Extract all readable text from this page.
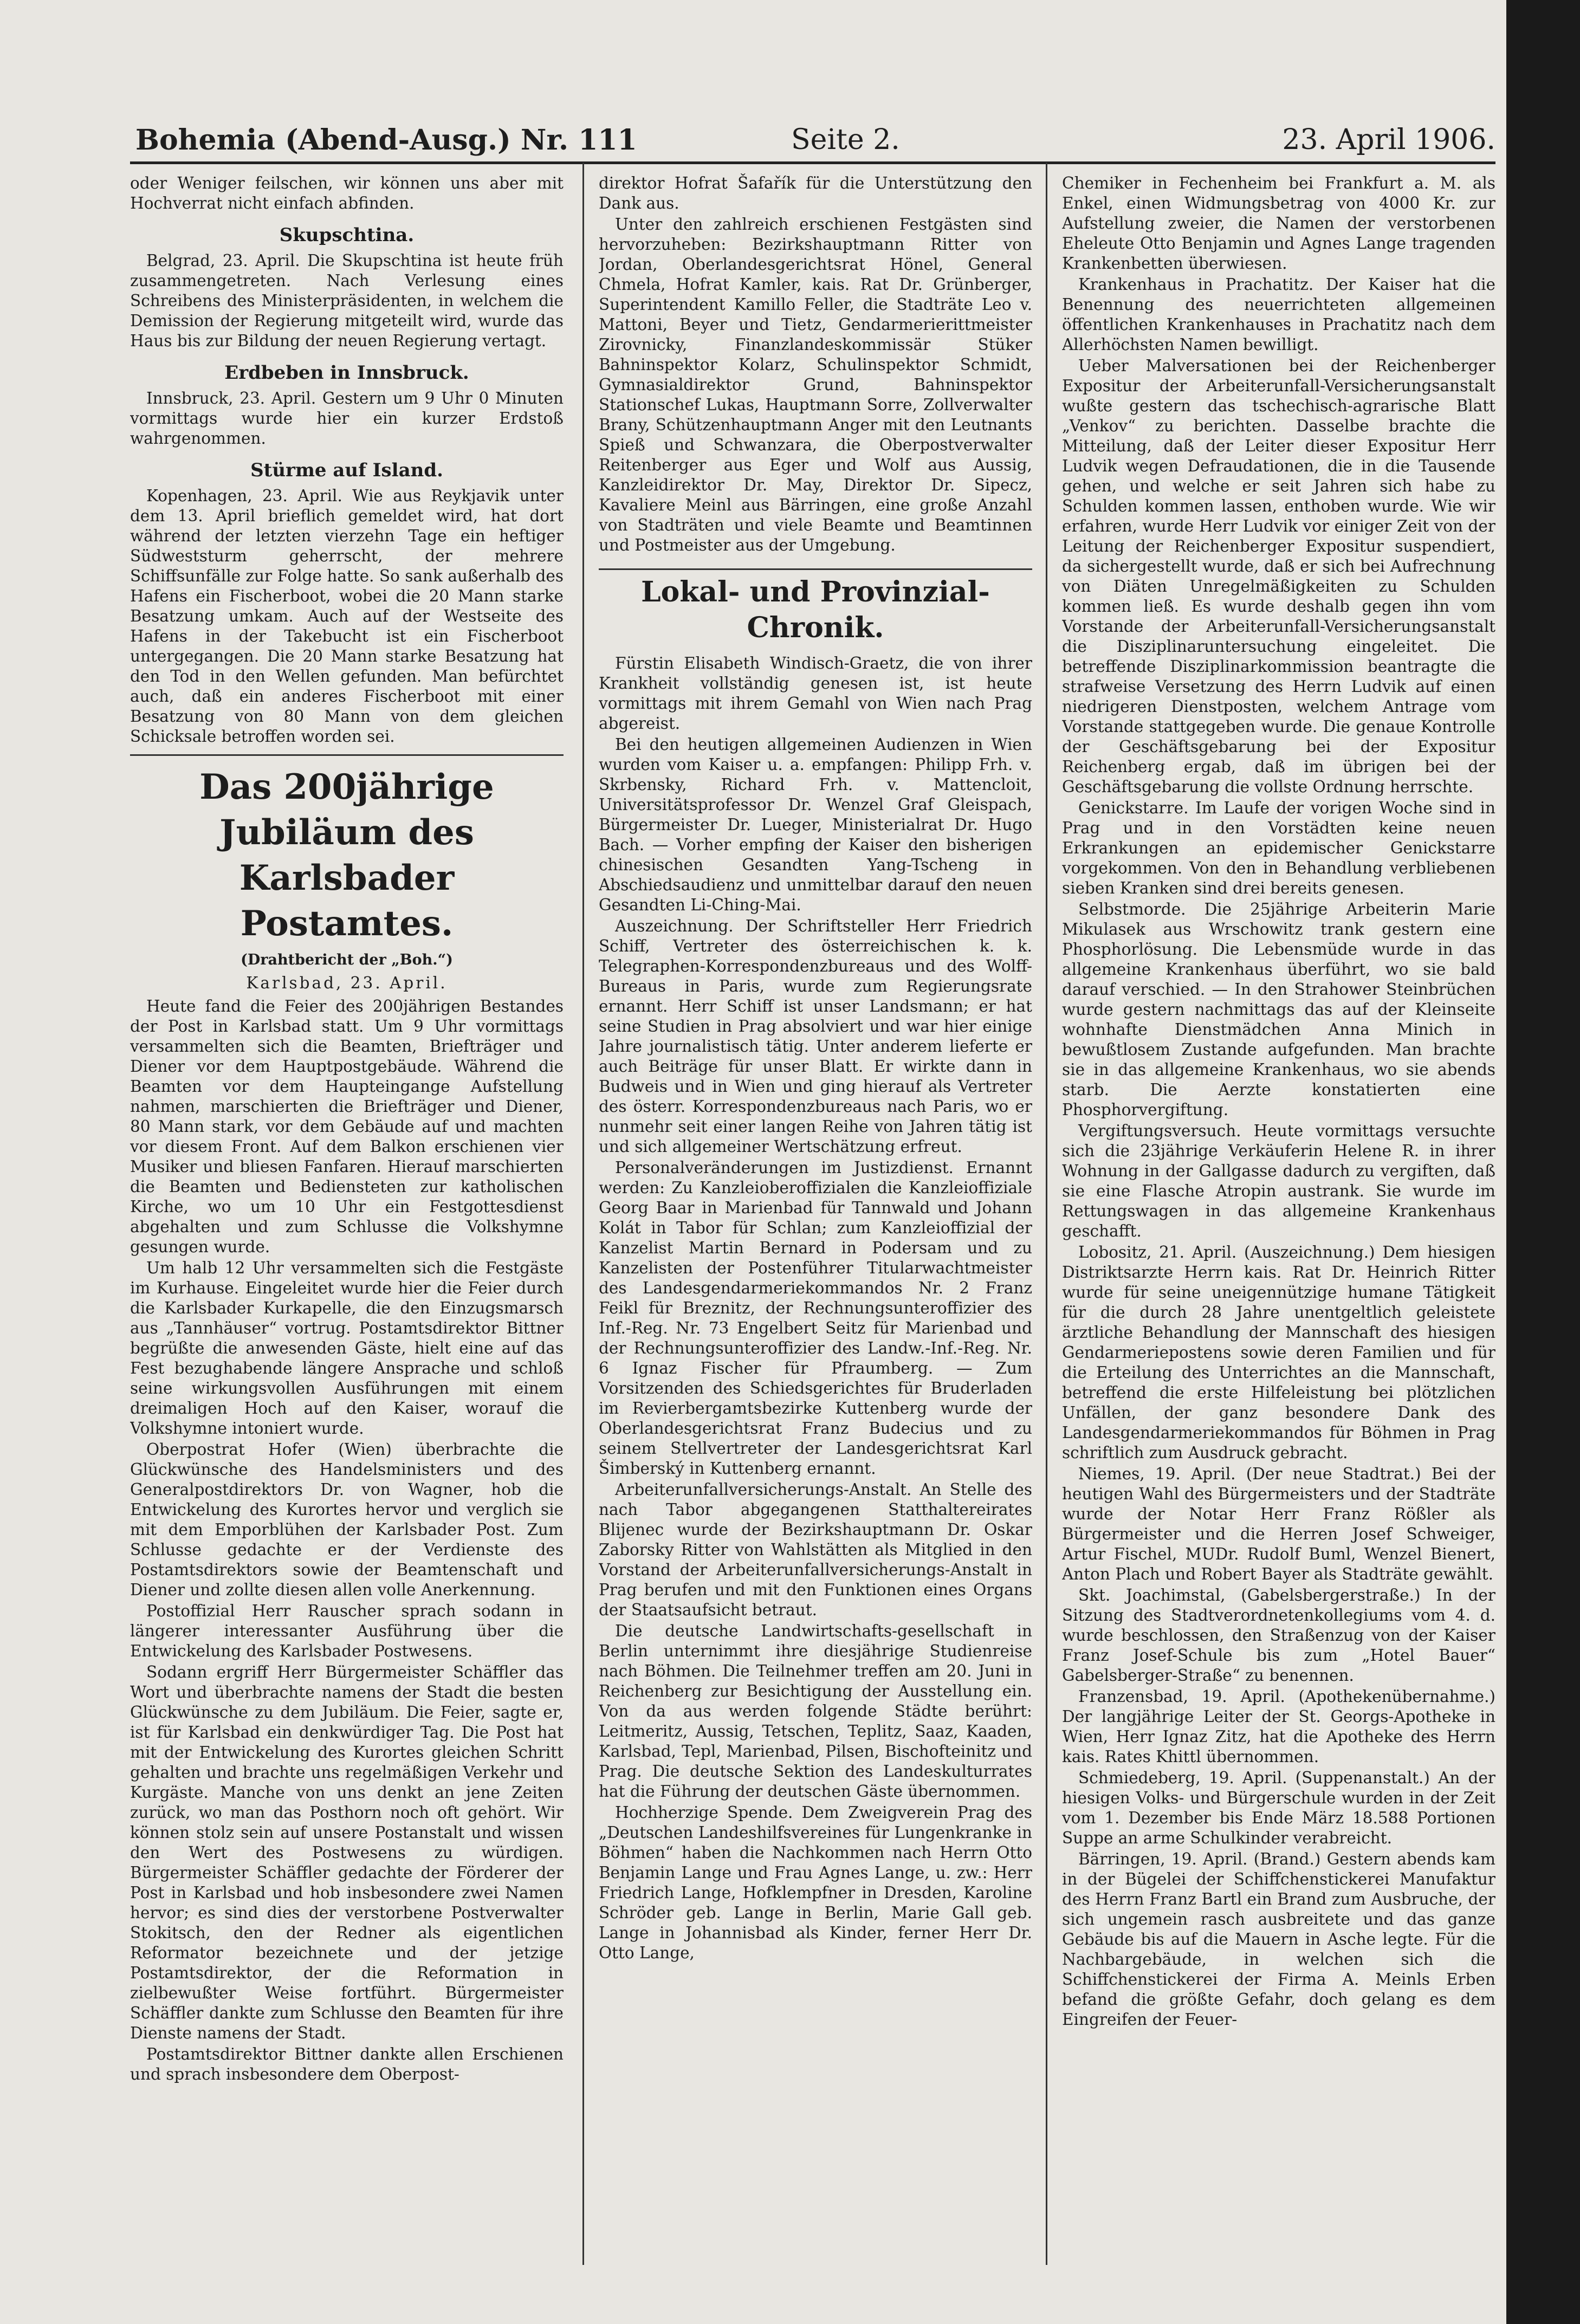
Bohemia (Abend-Ausg.) Nr. 111	Seite 2.	23. April 1906.

oder Weniger feilschen, wir können uns aber mit Hochverrat nicht einfach abfinden.

Skupschtina.

Belgrad, 23. April. Die Skupschtina ist heute früh zusammengetreten. Nach Verlesung eines Schreibens des Ministerpräsidenten, in welchem die Demission der Regierung mitgeteilt wird, wurde das Haus bis zur Bildung der neuen Regierung vertagt.

Erdbeben in Innsbruck.

Innsbruck, 23. April. Gestern um 9 Uhr 0 Minuten vormittags wurde hier ein kurzer Erdstoß wahrgenommen.

Stürme auf Island.

Kopenhagen, 23. April. Wie aus Reykjavik unter dem 13. April brieflich gemeldet wird, hat dort während der letzten vierzehn Tage ein heftiger Südweststurm geherrscht, der mehrere Schiffsunfälle zur Folge hatte. So sank außerhalb des Hafens ein Fischerboot, wobei die 20 Mann starke Besatzung umkam. Auch auf der Westseite des Hafens in der Takebucht ist ein Fischerboot untergegangen. Die 20 Mann starke Besatzung hat den Tod in den Wellen gefunden. Man befürchtet auch, daß ein anderes Fischerboot mit einer Besatzung von 80 Mann von dem gleichen Schicksale betroffen worden sei.

Das 200jährige Jubiläum des Karlsbader Postamtes.
(Drahtbericht der „Boh.“)
Karlsbad, 23. April.

Heute fand die Feier des 200jährigen Bestandes der Post in Karlsbad statt. Um 9 Uhr vormittags versammelten sich die Beamten, Briefträger und Diener vor dem Hauptpostgebäude. Während die Beamten vor dem Haupteingange Aufstellung nahmen, marschierten die Briefträger und Diener, 80 Mann stark, vor dem Gebäude auf und machten vor diesem Front. Auf dem Balkon erschienen vier Musiker und bliesen Fanfaren. Hierauf marschierten die Beamten und Bediensteten zur katholischen Kirche, wo um 10 Uhr ein Festgottesdienst abgehalten und zum Schlusse die Volkshymne gesungen wurde.

Um halb 12 Uhr versammelten sich die Festgäste im Kurhause. Eingeleitet wurde hier die Feier durch die Karlsbader Kurkapelle, die den Einzugsmarsch aus „Tannhäuser“ vortrug. Postamtsdirektor Bittner begrüßte die anwesenden Gäste, hielt eine auf das Fest bezughabende längere Ansprache und schloß seine wirkungsvollen Ausführungen mit einem dreimaligen Hoch auf den Kaiser, worauf die Volkshymne intoniert wurde.

Oberpostrat Hofer (Wien) überbrachte die Glückwünsche des Handelsministers und des Generalpostdirektors Dr. von Wagner, hob die Entwickelung des Kurortes hervor und verglich sie mit dem Emporblühen der Karlsbader Post. Zum Schlusse gedachte er der Verdienste des Postamtsdirektors sowie der Beamtenschaft und Diener und zollte diesen allen volle Anerkennung.

Postoffizial Herr Rauscher sprach sodann in längerer interessanter Ausführung über die Entwickelung des Karlsbader Postwesens.

Sodann ergriff Herr Bürgermeister Schäffler das Wort und überbrachte namens der Stadt die besten Glückwünsche zu dem Jubiläum. Die Feier, sagte er, ist für Karlsbad ein denkwürdiger Tag. Die Post hat mit der Entwickelung des Kurortes gleichen Schritt gehalten und brachte uns regelmäßigen Verkehr und Kurgäste. Manche von uns denkt an jene Zeiten zurück, wo man das Posthorn noch oft gehört. Wir können stolz sein auf unsere Postanstalt und wissen den Wert des Postwesens zu würdigen. Bürgermeister Schäffler gedachte der Förderer der Post in Karlsbad und hob insbesondere zwei Namen hervor; es sind dies der verstorbene Postverwalter Stokitsch, den der Redner als eigentlichen Reformator bezeichnete und der jetzige Postamtsdirektor, der die Reformation in zielbewußter Weise fortführt. Bürgermeister Schäffler dankte zum Schlusse den Beamten für ihre Dienste namens der Stadt.

Postamtsdirektor Bittner dankte allen Erschienen und sprach insbesondere dem Oberpost-

direktor Hofrat Šafařík für die Unterstützung den Dank aus.

Unter den zahlreich erschienen Festgästen sind hervorzuheben: Bezirkshauptmann Ritter von Jordan, Oberlandesgerichtsrat Hönel, General Chmela, Hofrat Kamler, kais. Rat Dr. Grünberger, Superintendent Kamillo Feller, die Stadträte Leo v. Mattoni, Beyer und Tietz, Gendarmerierittmeister Zirovnicky, Finanzlandeskommissär Stüker Bahninspektor Kolarz, Schulinspektor Schmidt, Gymnasialdirektor Grund, Bahninspektor Stationschef Lukas, Hauptmann Sorre, Zollverwalter Brany, Schützenhauptmann Anger mit den Leutnants Spieß und Schwanzara, die Oberpostverwalter Reitenberger aus Eger und Wolf aus Aussig, Kanzleidirektor Dr. May, Direktor Dr. Sipecz, Kavaliere Meinl aus Bärringen, eine große Anzahl von Stadträten und viele Beamte und Beamtinnen und Postmeister aus der Umgebung.

Lokal- und Provinzial-Chronik.

Fürstin Elisabeth Windisch-Graetz, die von ihrer Krankheit vollständig genesen ist, ist heute vormittags mit ihrem Gemahl von Wien nach Prag abgereist.

Bei den heutigen allgemeinen Audienzen in Wien wurden vom Kaiser u. a. empfangen: Philipp Frh. v. Skrbensky, Richard Frh. v. Mattencloit, Universitätsprofessor Dr. Wenzel Graf Gleispach, Bürgermeister Dr. Lueger, Ministerialrat Dr. Hugo Bach. — Vorher empfing der Kaiser den bisherigen chinesischen Gesandten Yang-Tscheng in Abschiedsaudienz und unmittelbar darauf den neuen Gesandten Li-Ching-Mai.

Auszeichnung. Der Schriftsteller Herr Friedrich Schiff, Vertreter des österreichischen k. k. Telegraphen-Korrespondenzbureaus und des Wolff-Bureaus in Paris, wurde zum Regierungsrate ernannt. Herr Schiff ist unser Landsmann; er hat seine Studien in Prag absolviert und war hier einige Jahre journalistisch tätig. Unter anderem lieferte er auch Beiträge für unser Blatt. Er wirkte dann in Budweis und in Wien und ging hierauf als Vertreter des österr. Korrespondenzbureaus nach Paris, wo er nunmehr seit einer langen Reihe von Jahren tätig ist und sich allgemeiner Wertschätzung erfreut.

Personalveränderungen im Justizdienst. Ernannt werden: Zu Kanzleioberoffizialen die Kanzleioffiziale Georg Baar in Marienbad für Tannwald und Johann Kolát in Tabor für Schlan; zum Kanzleioffizial der Kanzelist Martin Bernard in Podersam und zu Kanzelisten der Postenführer Titularwachtmeister des Landesgendarmeriekommandos Nr. 2 Franz Feikl für Breznitz, der Rechnungsunteroffizier des Inf.-Reg. Nr. 73 Engelbert Seitz für Marienbad und der Rechnungsunteroffizier des Landw.-Inf.-Reg. Nr. 6 Ignaz Fischer für Pfraumberg. — Zum Vorsitzenden des Schiedsgerichtes für Bruderladen im Revierbergamtsbezirke Kuttenberg wurde der Oberlandesgerichtsrat Franz Budecius und zu seinem Stellvertreter der Landesgerichtsrat Karl Šimberský in Kuttenberg ernannt.

Arbeiterunfallversicherungs-Anstalt. An Stelle des nach Tabor abgegangenen Statthaltereirates Blijenec wurde der Bezirkshauptmann Dr. Oskar Zaborsky Ritter von Wahlstätten als Mitglied in den Vorstand der Arbeiterunfallversicherungs-Anstalt in Prag berufen und mit den Funktionen eines Organs der Staatsaufsicht betraut.

Die deutsche Landwirtschafts-gesellschaft in Berlin unternimmt ihre diesjährige Studienreise nach Böhmen. Die Teilnehmer treffen am 20. Juni in Reichenberg zur Besichtigung der Ausstellung ein. Von da aus werden folgende Städte berührt: Leitmeritz, Aussig, Tetschen, Teplitz, Saaz, Kaaden, Karlsbad, Tepl, Marienbad, Pilsen, Bischofteinitz und Prag. Die deutsche Sektion des Landeskulturrates hat die Führung der deutschen Gäste übernommen.

Hochherzige Spende. Dem Zweigverein Prag des „Deutschen Landeshilfsvereines für Lungenkranke in Böhmen“ haben die Nachkommen nach Herrn Otto Benjamin Lange und Frau Agnes Lange, u. zw.: Herr Friedrich Lange, Hofklempfner in Dresden, Karoline Schröder geb. Lange in Berlin, Marie Gall geb. Lange in Johannisbad als Kinder, ferner Herr Dr. Otto Lange,

Chemiker in Fechenheim bei Frankfurt a. M. als Enkel, einen Widmungsbetrag von 4000 Kr. zur Aufstellung zweier, die Namen der verstorbenen Eheleute Otto Benjamin und Agnes Lange tragenden Krankenbetten überwiesen.

Krankenhaus in Prachatitz. Der Kaiser hat die Benennung des neuerrichteten allgemeinen öffentlichen Krankenhauses in Prachatitz nach dem Allerhöchsten Namen bewilligt.

Ueber Malversationen bei der Reichenberger Expositur der Arbeiterunfall-Versicherungsanstalt wußte gestern das tschechisch-agrarische Blatt „Venkov“ zu berichten. Dasselbe brachte die Mitteilung, daß der Leiter dieser Expositur Herr Ludvik wegen Defraudationen, die in die Tausende gehen, und welche er seit Jahren sich habe zu Schulden kommen lassen, enthoben wurde. Wie wir erfahren, wurde Herr Ludvik vor einiger Zeit von der Leitung der Reichenberger Expositur suspendiert, da sichergestellt wurde, daß er sich bei Aufrechnung von Diäten Unregelmäßigkeiten zu Schulden kommen ließ. Es wurde deshalb gegen ihn vom Vorstande der Arbeiterunfall-Versicherungsanstalt die Disziplinaruntersuchung eingeleitet. Die betreffende Disziplinarkommission beantragte die strafweise Versetzung des Herrn Ludvik auf einen niedrigeren Dienstposten, welchem Antrage vom Vorstande stattgegeben wurde. Die genaue Kontrolle der Geschäftsgebarung bei der Expositur Reichenberg ergab, daß im übrigen bei der Geschäftsgebarung die vollste Ordnung herrschte.

Genickstarre. Im Laufe der vorigen Woche sind in Prag und in den Vorstädten keine neuen Erkrankungen an epidemischer Genickstarre vorgekommen. Von den in Behandlung verbliebenen sieben Kranken sind drei bereits genesen.

Selbstmorde. Die 25jährige Arbeiterin Marie Mikulasek aus Wrschowitz trank gestern eine Phosphorlösung. Die Lebensmüde wurde in das allgemeine Krankenhaus überführt, wo sie bald darauf verschied. — In den Strahower Steinbrüchen wurde gestern nachmittags das auf der Kleinseite wohnhafte Dienstmädchen Anna Minich in bewußtlosem Zustande aufgefunden. Man brachte sie in das allgemeine Krankenhaus, wo sie abends starb. Die Aerzte konstatierten eine Phosphorvergiftung.

Vergiftungsversuch. Heute vormittags versuchte sich die 23jährige Verkäuferin Helene R. in ihrer Wohnung in der Gallgasse dadurch zu vergiften, daß sie eine Flasche Atropin austrank. Sie wurde im Rettungswagen in das allgemeine Krankenhaus geschafft.

Lobositz, 21. April. (Auszeichnung.) Dem hiesigen Distriktsarzte Herrn kais. Rat Dr. Heinrich Ritter wurde für seine uneigennützige humane Tätigkeit für die durch 28 Jahre unentgeltlich geleistete ärztliche Behandlung der Mannschaft des hiesigen Gendarmeriepostens sowie deren Familien und für die Erteilung des Unterrichtes an die Mannschaft, betreffend die erste Hilfeleistung bei plötzlichen Unfällen, der ganz besondere Dank des Landesgendarmeriekommandos für Böhmen in Prag schriftlich zum Ausdruck gebracht.

Niemes, 19. April. (Der neue Stadtrat.) Bei der heutigen Wahl des Bürgermeisters und der Stadträte wurde der Notar Herr Franz Rößler als Bürgermeister und die Herren Josef Schweiger, Artur Fischel, MUDr. Rudolf Buml, Wenzel Bienert, Anton Plach und Robert Bayer als Stadträte gewählt.

Skt. Joachimstal, (Gabelsbergerstraße.) In der Sitzung des Stadtverordnetenkollegiums vom 4. d. wurde beschlossen, den Straßenzug von der Kaiser Franz Josef-Schule bis zum „Hotel Bauer“ Gabelsberger-Straße“ zu benennen.

Franzensbad, 19. April. (Apothekenübernahme.) Der langjährige Leiter der St. Georgs-Apotheke in Wien, Herr Ignaz Zitz, hat die Apotheke des Herrn kais. Rates Khittl übernommen.

Schmiedeberg, 19. April. (Suppenanstalt.) An der hiesigen Volks- und Bürgerschule wurden in der Zeit vom 1. Dezember bis Ende März 18.588 Portionen Suppe an arme Schulkinder verabreicht.

Bärringen, 19. April. (Brand.) Gestern abends kam in der Bügelei der Schiffchenstickerei Manufaktur des Herrn Franz Bartl ein Brand zum Ausbruche, der sich ungemein rasch ausbreitete und das ganze Gebäude bis auf die Mauern in Asche legte. Für die Nachbargebäude, in welchen sich die Schiffchenstickerei der Firma A. Meinls Erben befand die größte Gefahr, doch gelang es dem Eingreifen der Feuer-
